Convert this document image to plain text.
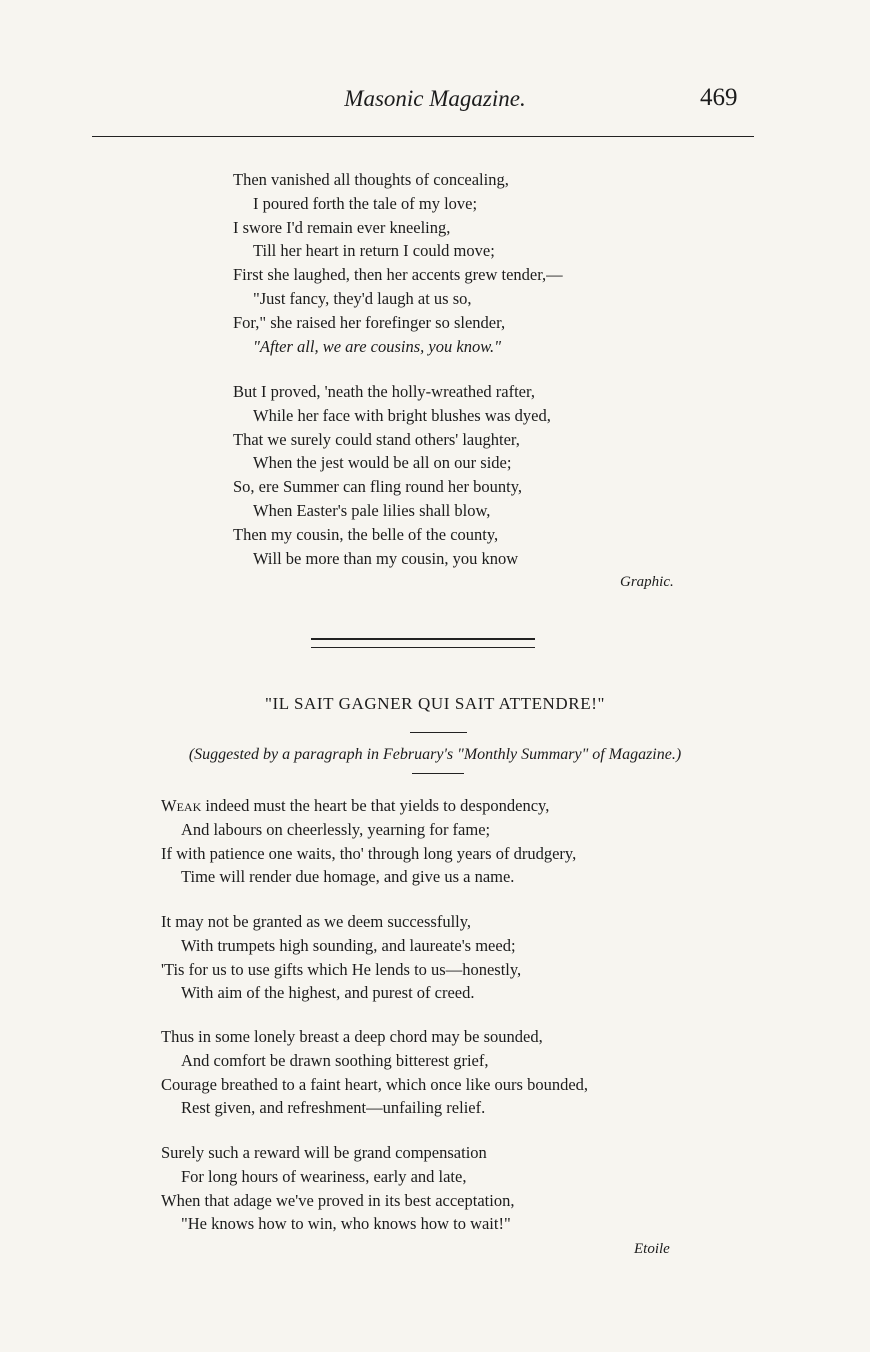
Masonic Magazine.	469
Then vanished all thoughts of concealing,
I poured forth the tale of my love;
I swore I'd remain ever kneeling,
Till her heart in return I could move;
First she laughed, then her accents grew tender,—
"Just fancy, they'd laugh at us so,
For," she raised her forefinger so slender,
"After all, we are cousins, you know."
But I proved, 'neath the holly-wreathed rafter,
While her face with bright blushes was dyed,
That we surely could stand others' laughter,
When the jest would be all on our side;
So, ere Summer can fling round her bounty,
When Easter's pale lilies shall blow,
Then my cousin, the belle of the county,
Will be more than my cousin, you know
Graphic.
"IL SAIT GAGNER QUI SAIT ATTENDRE!"
(Suggested by a paragraph in February's "Monthly Summary" of Magazine.)
Weak indeed must the heart be that yields to despondency,
And labours on cheerlessly, yearning for fame;
If with patience one waits, tho' through long years of drudgery,
Time will render due homage, and give us a name.
It may not be granted as we deem successfully,
With trumpets high sounding, and laureate's meed;
'Tis for us to use gifts which He lends to us—honestly,
With aim of the highest, and purest of creed.
Thus in some lonely breast a deep chord may be sounded,
And comfort be drawn soothing bitterest grief,
Courage breathed to a faint heart, which once like ours bounded,
Rest given, and refreshment—unfailing relief.
Surely such a reward will be grand compensation
For long hours of weariness, early and late,
When that adage we've proved in its best acceptation,
"He knows how to win, who knows how to wait!"
Etoile
